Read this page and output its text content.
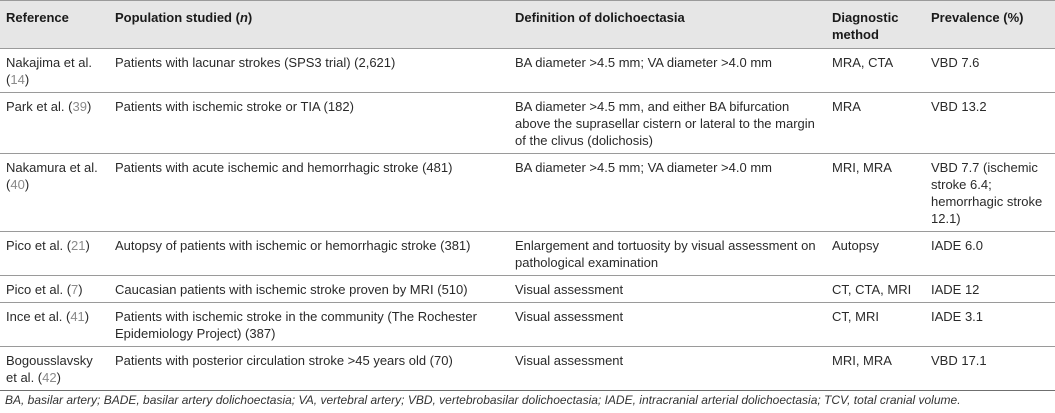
Reference	Population studied (n)	Definition of dolichoectasia	Diagnostic method	Prevalence (%)
Nakajima et al. (14)	Patients with lacunar strokes (SPS3 trial) (2,621)	BA diameter >4.5 mm; VA diameter >4.0 mm	MRA, CTA	VBD 7.6
Park et al. (39)	Patients with ischemic stroke or TIA (182)	BA diameter >4.5 mm, and either BA bifurcation above the suprasellar cistern or lateral to the margin of the clivus (dolichosis)	MRA	VBD 13.2
Nakamura et al. (40)	Patients with acute ischemic and hemorrhagic stroke (481)	BA diameter >4.5 mm; VA diameter >4.0 mm	MRI, MRA	VBD 7.7 (ischemic stroke 6.4; hemorrhagic stroke 12.1)
Pico et al. (21)	Autopsy of patients with ischemic or hemorrhagic stroke (381)	Enlargement and tortuosity by visual assessment on pathological examination	Autopsy	IADE 6.0
Pico et al. (7)	Caucasian patients with ischemic stroke proven by MRI (510)	Visual assessment	CT, CTA, MRI	IADE 12
Ince et al. (41)	Patients with ischemic stroke in the community (The Rochester Epidemiology Project) (387)	Visual assessment	CT, MRI	IADE 3.1
Bogousslavsky et al. (42)	Patients with posterior circulation stroke >45 years old (70)	Visual assessment	MRI, MRA	VBD 17.1
BA, basilar artery; BADE, basilar artery dolichoectasia; VA, vertebral artery; VBD, vertebrobasilar dolichoectasia; IADE, intracranial arterial dolichoectasia; TCV, total cranial volume.
